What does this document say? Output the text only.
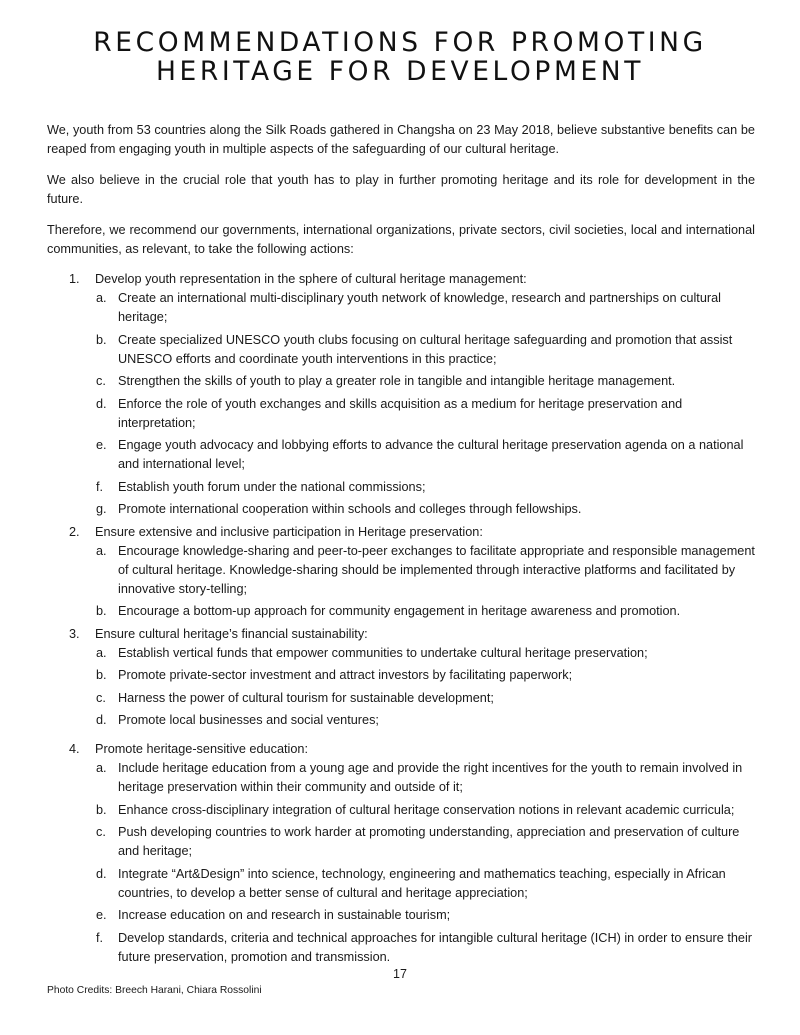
RECOMMENDATIONS FOR PROMOTING
HERITAGE FOR DEVELOPMENT

We, youth from 53 countries along the Silk Roads gathered in Changsha on 23 May 2018, believe substantive benefits can be reaped from engaging youth in multiple aspects of the safeguarding of our cultural heritage.

We also believe in the crucial role that youth has to play in further promoting heritage and its role for development in the future.

Therefore, we recommend our governments, international organizations, private sectors, civil societies, local and international communities, as relevant, to take the following actions:

1. Develop youth representation in the sphere of cultural heritage management:
a. Create an international multi-disciplinary youth network of knowledge, research and partnerships on cultural heritage;
b. Create specialized UNESCO youth clubs focusing on cultural heritage safeguarding and promotion that assist UNESCO efforts and coordinate youth interventions in this practice;
c. Strengthen the skills of youth to play a greater role in tangible and intangible heritage management.
d. Enforce the role of youth exchanges and skills acquisition as a medium for heritage preservation and interpretation;
e. Engage youth advocacy and lobbying efforts to advance the cultural heritage preservation agenda on a national and international level;
f. Establish youth forum under the national commissions;
g. Promote international cooperation within schools and colleges through fellowships.
2. Ensure extensive and inclusive participation in Heritage preservation:
a. Encourage knowledge-sharing and peer-to-peer exchanges to facilitate appropriate and responsible management of cultural heritage. Knowledge-sharing should be implemented through interactive platforms and facilitated by innovative story-telling;
b. Encourage a bottom-up approach for community engagement in heritage awareness and promotion.
3. Ensure cultural heritage’s financial sustainability:
a. Establish vertical funds that empower communities to undertake cultural heritage preservation;
b. Promote private-sector investment and attract investors by facilitating paperwork;
c. Harness the power of cultural tourism for sustainable development;
d. Promote local businesses and social ventures;
4. Promote heritage-sensitive education:
a. Include heritage education from a young age and provide the right incentives for the youth to remain involved in heritage preservation within their community and outside of it;
b. Enhance cross-disciplinary integration of cultural heritage conservation notions in relevant academic curricula;
c. Push developing countries to work harder at promoting understanding, appreciation and preservation of culture and heritage;
d. Integrate “Art&Design” into science, technology, engineering and mathematics teaching, especially in African countries, to develop a better sense of cultural and heritage appreciation;
e. Increase education on and research in sustainable tourism;
f. Develop standards, criteria and technical approaches for intangible cultural heritage (ICH) in order to ensure their future preservation, promotion and transmission.
17
Photo Credits: Breech Harani, Chiara Rossolini
